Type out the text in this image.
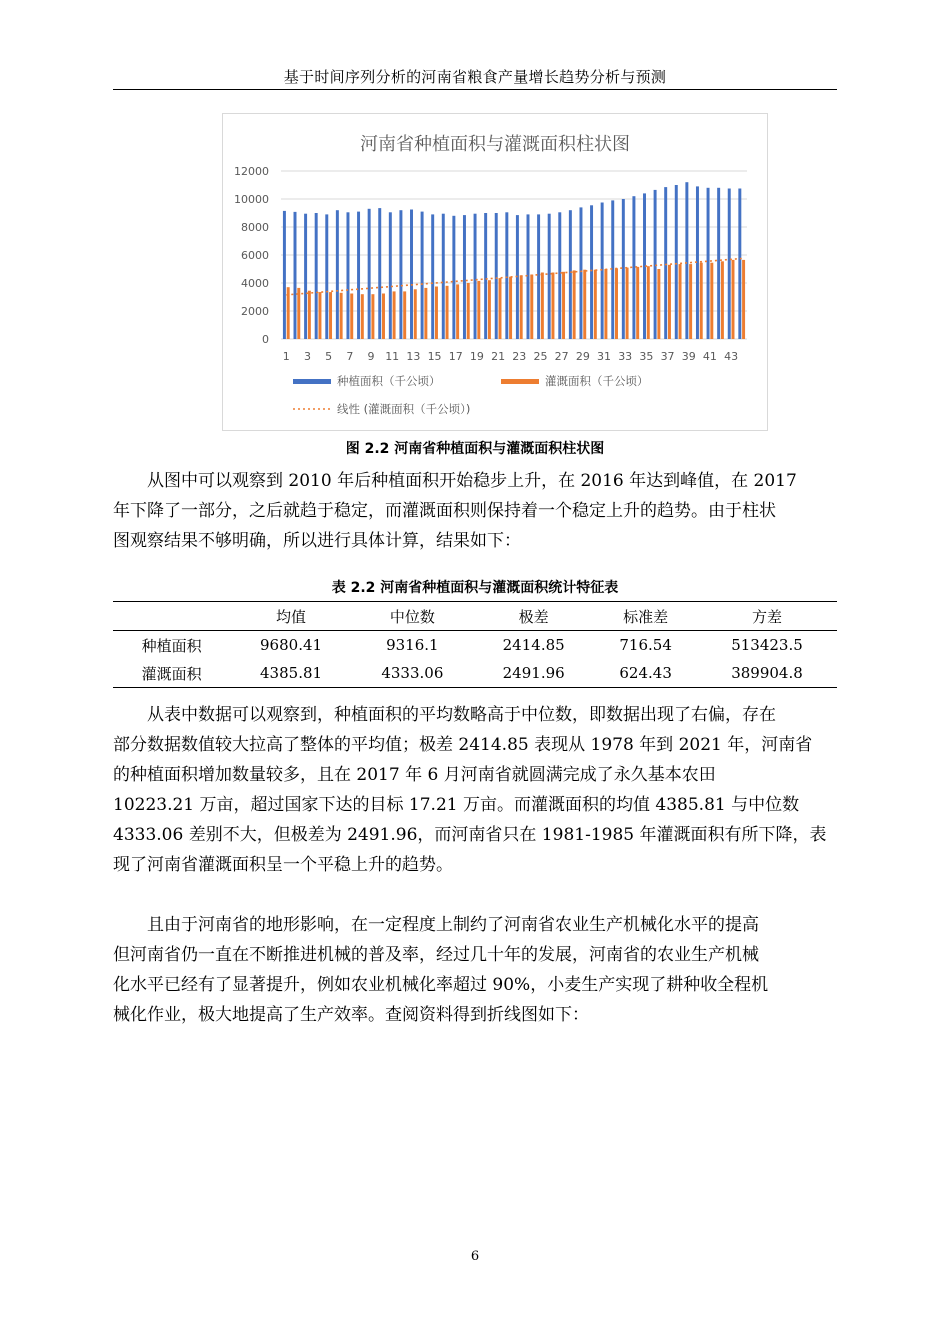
基于时间序列分析的河南省粮食产量增长趋势分析与预测
河南省种植面积与灌溉面积柱状图
0
2000
4000
6000
8000
10000
12000
1 3 5 7 9 11 13 15 17 19 21 23 25 27 29 31 33 35 37 39 41 43
种植面积（千公顷）	灌溉面积（千公顷）
线性 (灌溉面积（千公顷）)
图 2.2 河南省种植面积与灌溉面积柱状图
从图中可以观察到 2010 年后种植面积开始稳步上升，在 2016 年达到峰值，在 2017
年下降了一部分，之后就趋于稳定，而灌溉面积则保持着一个稳定上升的趋势。由于柱状
图观察结果不够明确，所以进行具体计算，结果如下：
表 2.2 河南省种植面积与灌溉面积统计特征表
	均值	中位数	极差	标准差	方差
种植面积	9680.41	9316.1	2414.85	716.54	513423.5
灌溉面积	4385.81	4333.06	2491.96	624.43	389904.8
从表中数据可以观察到，种植面积的平均数略高于中位数，即数据出现了右偏，存在
部分数据数值较大拉高了整体的平均值；极差 2414.85 表现从 1978 年到 2021 年，河南省
的种植面积增加数量较多，且在 2017 年 6 月河南省就圆满完成了永久基本农田
10223.21 万亩，超过国家下达的目标 17.21 万亩。而灌溉面积的均值 4385.81 与中位数
4333.06 差别不大，但极差为 2491.96，而河南省只在 1981-1985 年灌溉面积有所下降，表
现了河南省灌溉面积呈一个平稳上升的趋势。
且由于河南省的地形影响，在一定程度上制约了河南省农业生产机械化水平的提高
但河南省仍一直在不断推进机械的普及率，经过几十年的发展，河南省的农业生产机械
化水平已经有了显著提升，例如农业机械化率超过 90%，小麦生产实现了耕种收全程机
械化作业，极大地提高了生产效率。查阅资料得到折线图如下：
6
